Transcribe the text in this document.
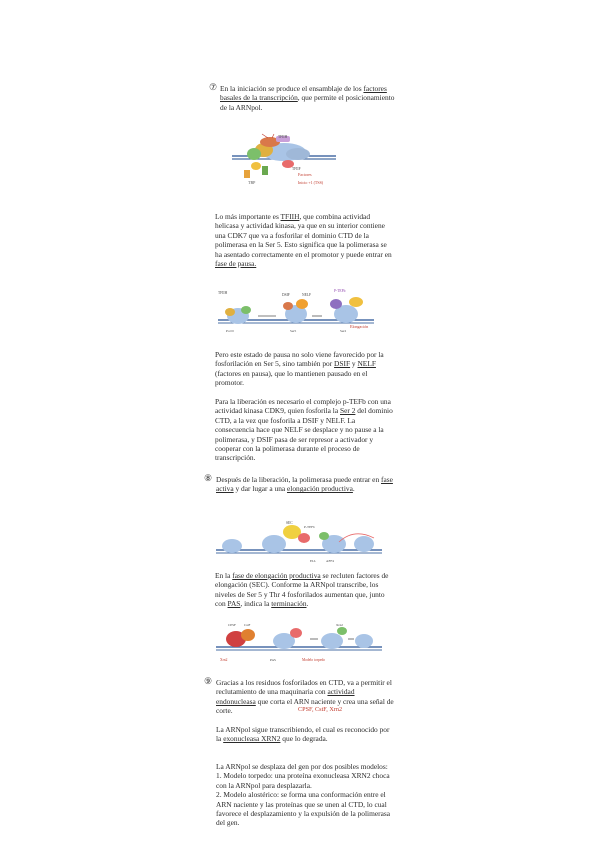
⑦ En la iniciación se produce el ensamblaje de los factores basales de la transcripción, que permite el posicionamiento de la ARNpol.
TBP
TFIIH
TFIIF
Factores
Inicio +1 (TSS)
Lo más importante es TFIIH, que combina actividad helicasa y actividad kinasa, ya que en su interior contiene una CDK7 que va a fosforilar el dominio CTD de la polimerasa en la Ser 5. Esto significa que la polimerasa se ha asentado correctamente en el promotor y puede entrar en fase de pausa.
TFIIH	DSIF	NELF
P-TEFb
Pol II	Ser5	Ser2
Elongación
Pero este estado de pausa no solo viene favorecido por la fosforilación en Ser 5, sino también por DSIF y NELF (factores en pausa), que lo mantienen pausado en el promotor.
Para la liberación es necesario el complejo p-TEFb con una actividad kinasa CDK9, quien fosforila la Ser 2 del dominio CTD, a la vez que fosforila a DSIF y NELF. La consecuencia hace que NELF se desplace y no pause a la polimerasa, y DSIF pasa de ser represor a activador y cooperar con la polimerasa durante el proceso de transcripción.
⑧ Después de la liberación, la polimerasa puede entrar en fase activa y dar lugar a una elongación productiva.
SEC
P-TEFb
ELL	AFF4
En la fase de elongación productiva se recluten factores de elongación (SEC). Conforme la ARNpol transcribe, los niveles de Ser 5 y Thr 4 fosforilados aumentan que, junto con PAS, indica la terminación.
CPSF CstF	Xrn2
PAS
Xrn2	Modelo torpedo
⑨ Gracias a los residuos fosforilados en CTD, va a permitir el reclutamiento de una maquinaria con actividad endonucleasa que corta el ARN naciente y crea una señal de corte.	CPSF, CstF, Xrn2
La ARNpol sigue transcribiendo, el cual es reconocido por la exonucleasa XRN2 que lo degrada.

La ARNpol se desplaza del gen por dos posibles modelos:

1. Modelo torpedo: una proteína exonucleasa XRN2 choca con la ARNpol para desplazarla.

2. Modelo alostérico: se forma una conformación entre el ARN naciente y las proteínas que se unen al CTD, lo cual favorece el desplazamiento y la expulsión de la polimerasa del gen.
